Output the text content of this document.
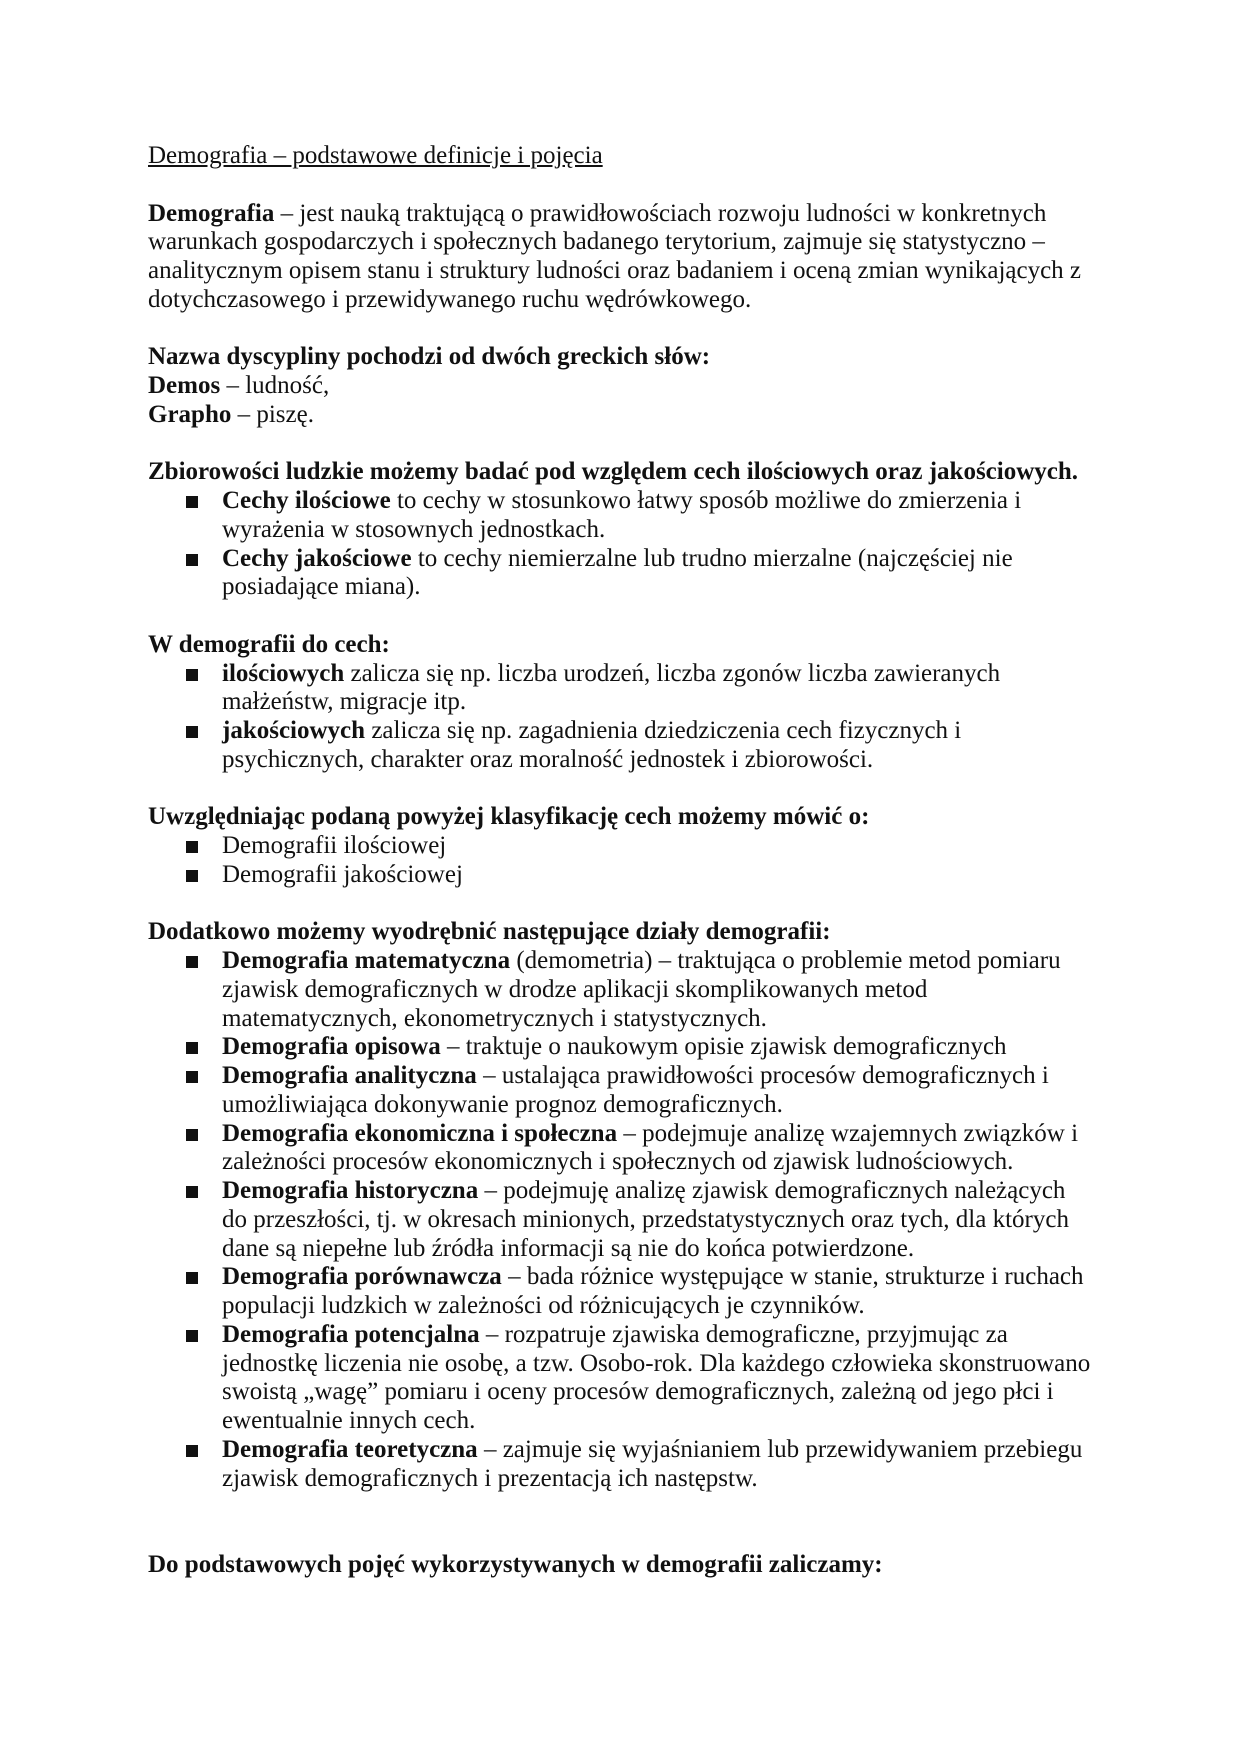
Demografia – podstawowe definicje i pojęcia

Demografia – jest nauką traktującą o prawidłowościach rozwoju ludności w konkretnych warunkach gospodarczych i społecznych badanego terytorium, zajmuje się statystyczno – analitycznym opisem stanu i struktury ludności oraz badaniem i oceną zmian wynikających z dotychczasowego i przewidywanego ruchu wędrówkowego.

Nazwa dyscypliny pochodzi od dwóch greckich słów:

Demos – ludność,

Grapho – piszę.

Zbiorowości ludzkie możemy badać pod względem cech ilościowych oraz jakościowych.

Cechy ilościowe to cechy w stosunkowo łatwy sposób możliwe do zmierzenia i wyrażenia w stosownych jednostkach.
Cechy jakościowe to cechy niemierzalne lub trudno mierzalne (najczęściej nie posiadające miana).

W demografii do cech:

ilościowych zalicza się np. liczba urodzeń, liczba zgonów liczba zawieranych małżeństw, migracje itp.
jakościowych zalicza się np. zagadnienia dziedziczenia cech fizycznych i psychicznych, charakter oraz moralność jednostek i zbiorowości.

Uwzględniając podaną powyżej klasyfikację cech możemy mówić o:

Demografii ilościowej
Demografii jakościowej

Dodatkowo możemy wyodrębnić następujące działy demografii:

Demografia matematyczna (demometria) – traktująca o problemie metod pomiaru zjawisk demograficznych w drodze aplikacji skomplikowanych metod matematycznych, ekonometrycznych i statystycznych.
Demografia opisowa – traktuje o naukowym opisie zjawisk demograficznych
Demografia analityczna – ustalająca prawidłowości procesów demograficznych i umożliwiająca dokonywanie prognoz demograficznych.
Demografia ekonomiczna i społeczna – podejmuje analizę wzajemnych związków i zależności procesów ekonomicznych i społecznych od zjawisk ludnościowych.
Demografia historyczna – podejmuję analizę zjawisk demograficznych należących do przeszłości, tj. w okresach minionych, przedstatystycznych oraz tych, dla których dane są niepełne lub źródła informacji są nie do końca potwierdzone.
Demografia porównawcza – bada różnice występujące w stanie, strukturze i ruchach populacji ludzkich w zależności od różnicujących je czynników.
Demografia potencjalna – rozpatruje zjawiska demograficzne, przyjmując za jednostkę liczenia nie osobę, a tzw. Osobo-rok. Dla każdego człowieka skonstruowano swoistą „wagę” pomiaru i oceny procesów demograficznych, zależną od jego płci i ewentualnie innych cech.
Demografia teoretyczna – zajmuje się wyjaśnianiem lub przewidywaniem przebiegu zjawisk demograficznych i prezentacją ich następstw.

Do podstawowych pojęć wykorzystywanych w demografii zaliczamy:
